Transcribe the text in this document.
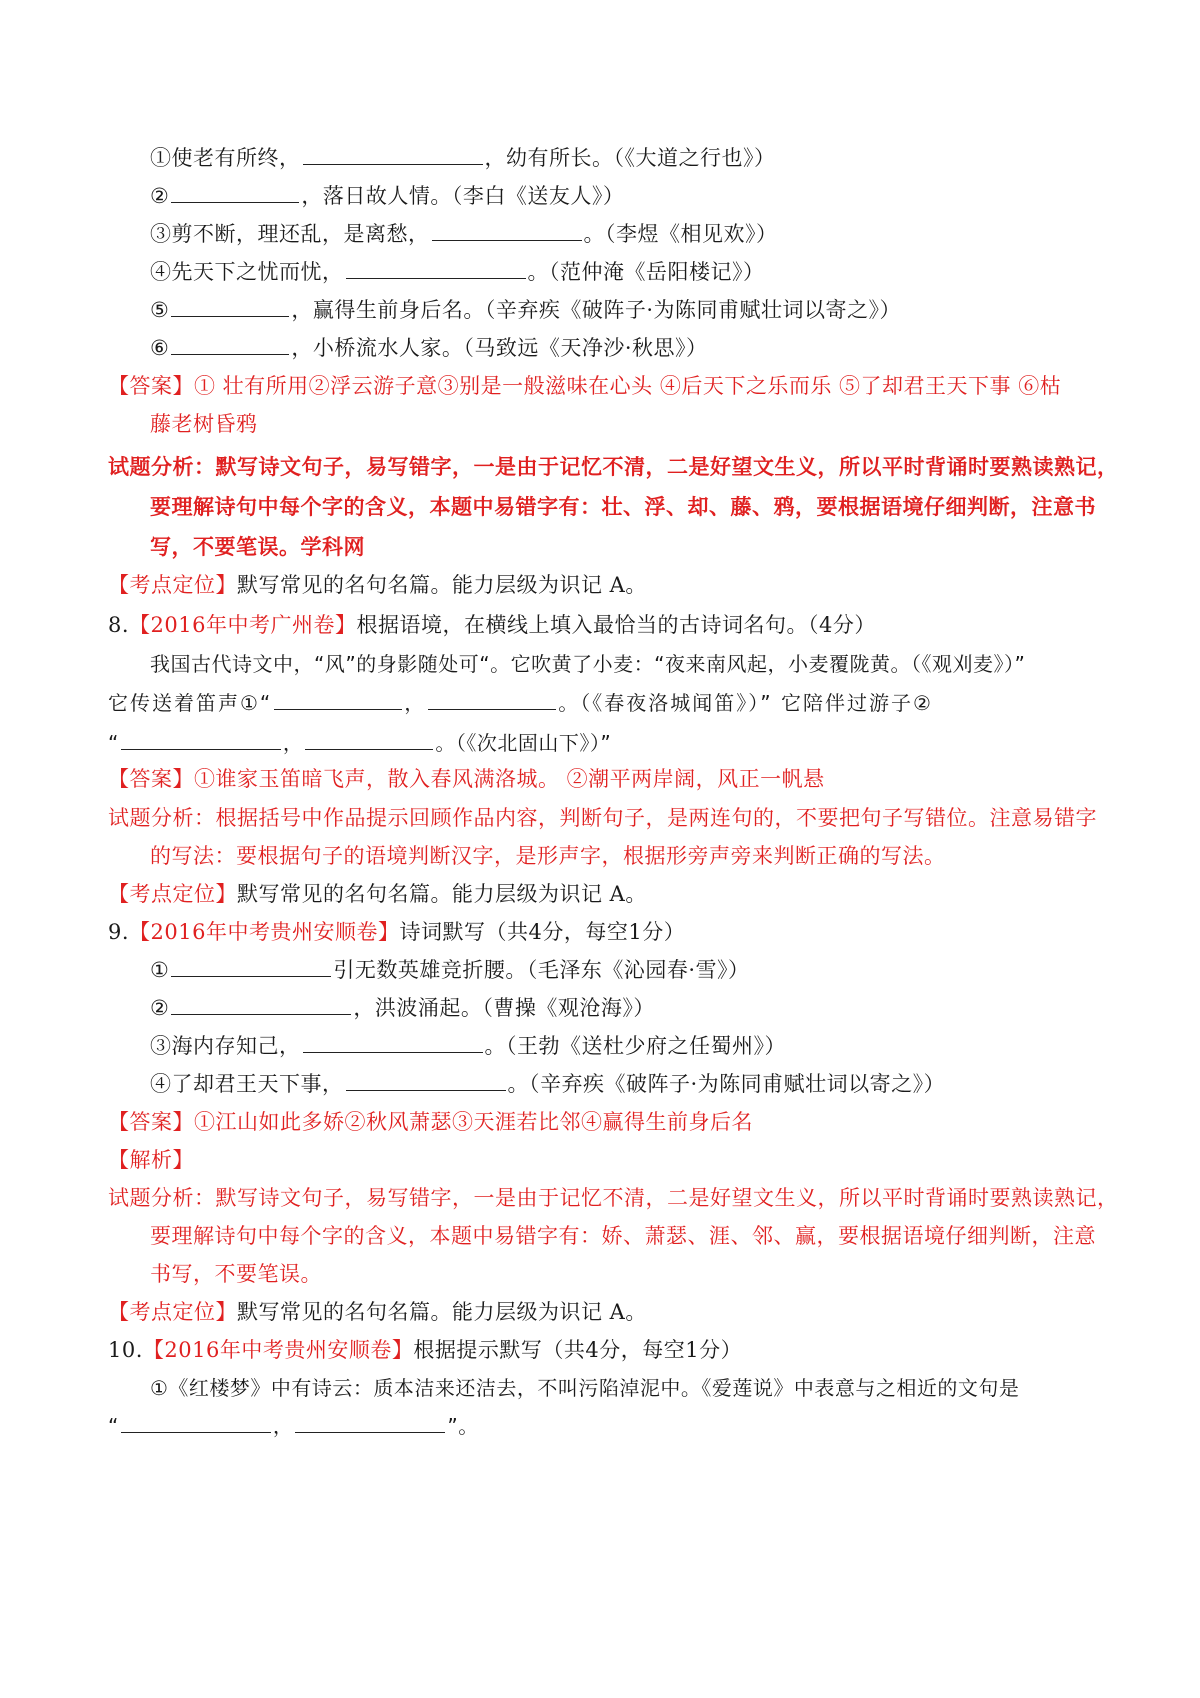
①使老有所终，	，幼有所长。（《大道之行也》）
②	，落日故人情。（李白《送友人》）
③剪不断，理还乱，是离愁，	。（李煜《相见欢》）
④先天下之忧而忧，	。（范仲淹《岳阳楼记》）
⑤	，赢得生前身后名。（辛弃疾《破阵子·为陈同甫赋壮词以寄之》）
⑥	，小桥流水人家。（马致远《天净沙·秋思》）
【答案】① 壮有所用②浮云游子意③别是一般滋味在心头 ④后天下之乐而乐 ⑤了却君王天下事 ⑥枯
藤老树昏鸦
试题分析：默写诗文句子，易写错字，一是由于记忆不清，二是好望文生义，所以平时背诵时要熟读熟记，
要理解诗句中每个字的含义，本题中易错字有：壮、浮、却、藤、鸦，要根据语境仔细判断，注意书
写，不要笔误。学科网
【考点定位】默写常见的名句名篇。能力层级为识记 A。
8.【2016年中考广州卷】根据语境，在横线上填入最恰当的古诗词名句。（4分）
我国古代诗文中，“风”的身影随处可“。它吹黄了小麦：“夜来南风起，小麦覆陇黄。（《观刈麦》）”
它传送着笛声①“	，	。（《春夜洛城闻笛》）” 它陪伴过游子②
“	，	。（《次北固山下》）”
【答案】①谁家玉笛暗飞声，散入春风满洛城。 ②潮平两岸阔，风正一帆悬
试题分析：根据括号中作品提示回顾作品内容，判断句子，是两连句的，不要把句子写错位。注意易错字
的写法：要根据句子的语境判断汉字，是形声字，根据形旁声旁来判断正确的写法。
【考点定位】默写常见的名句名篇。能力层级为识记 A。
9.【2016年中考贵州安顺卷】诗词默写（共4分，每空1分）
①	引无数英雄竞折腰。（毛泽东《沁园春·雪》）
②	，洪波涌起。（曹操《观沧海》）
③海内存知己，	。（王勃《送杜少府之任蜀州》）
④了却君王天下事，	。（辛弃疾《破阵子·为陈同甫赋壮词以寄之》）
【答案】①江山如此多娇②秋风萧瑟③天涯若比邻④赢得生前身后名
【解析】
试题分析：默写诗文句子，易写错字，一是由于记忆不清，二是好望文生义，所以平时背诵时要熟读熟记，
要理解诗句中每个字的含义，本题中易错字有：娇、萧瑟、涯、邻、赢，要根据语境仔细判断，注意
书写，不要笔误。
【考点定位】默写常见的名句名篇。能力层级为识记 A。
10.【2016年中考贵州安顺卷】根据提示默写（共4分，每空1分）
①《红楼梦》中有诗云：质本洁来还洁去，不叫污陷淖泥中。《爱莲说》中表意与之相近的文句是
“	，	”。
